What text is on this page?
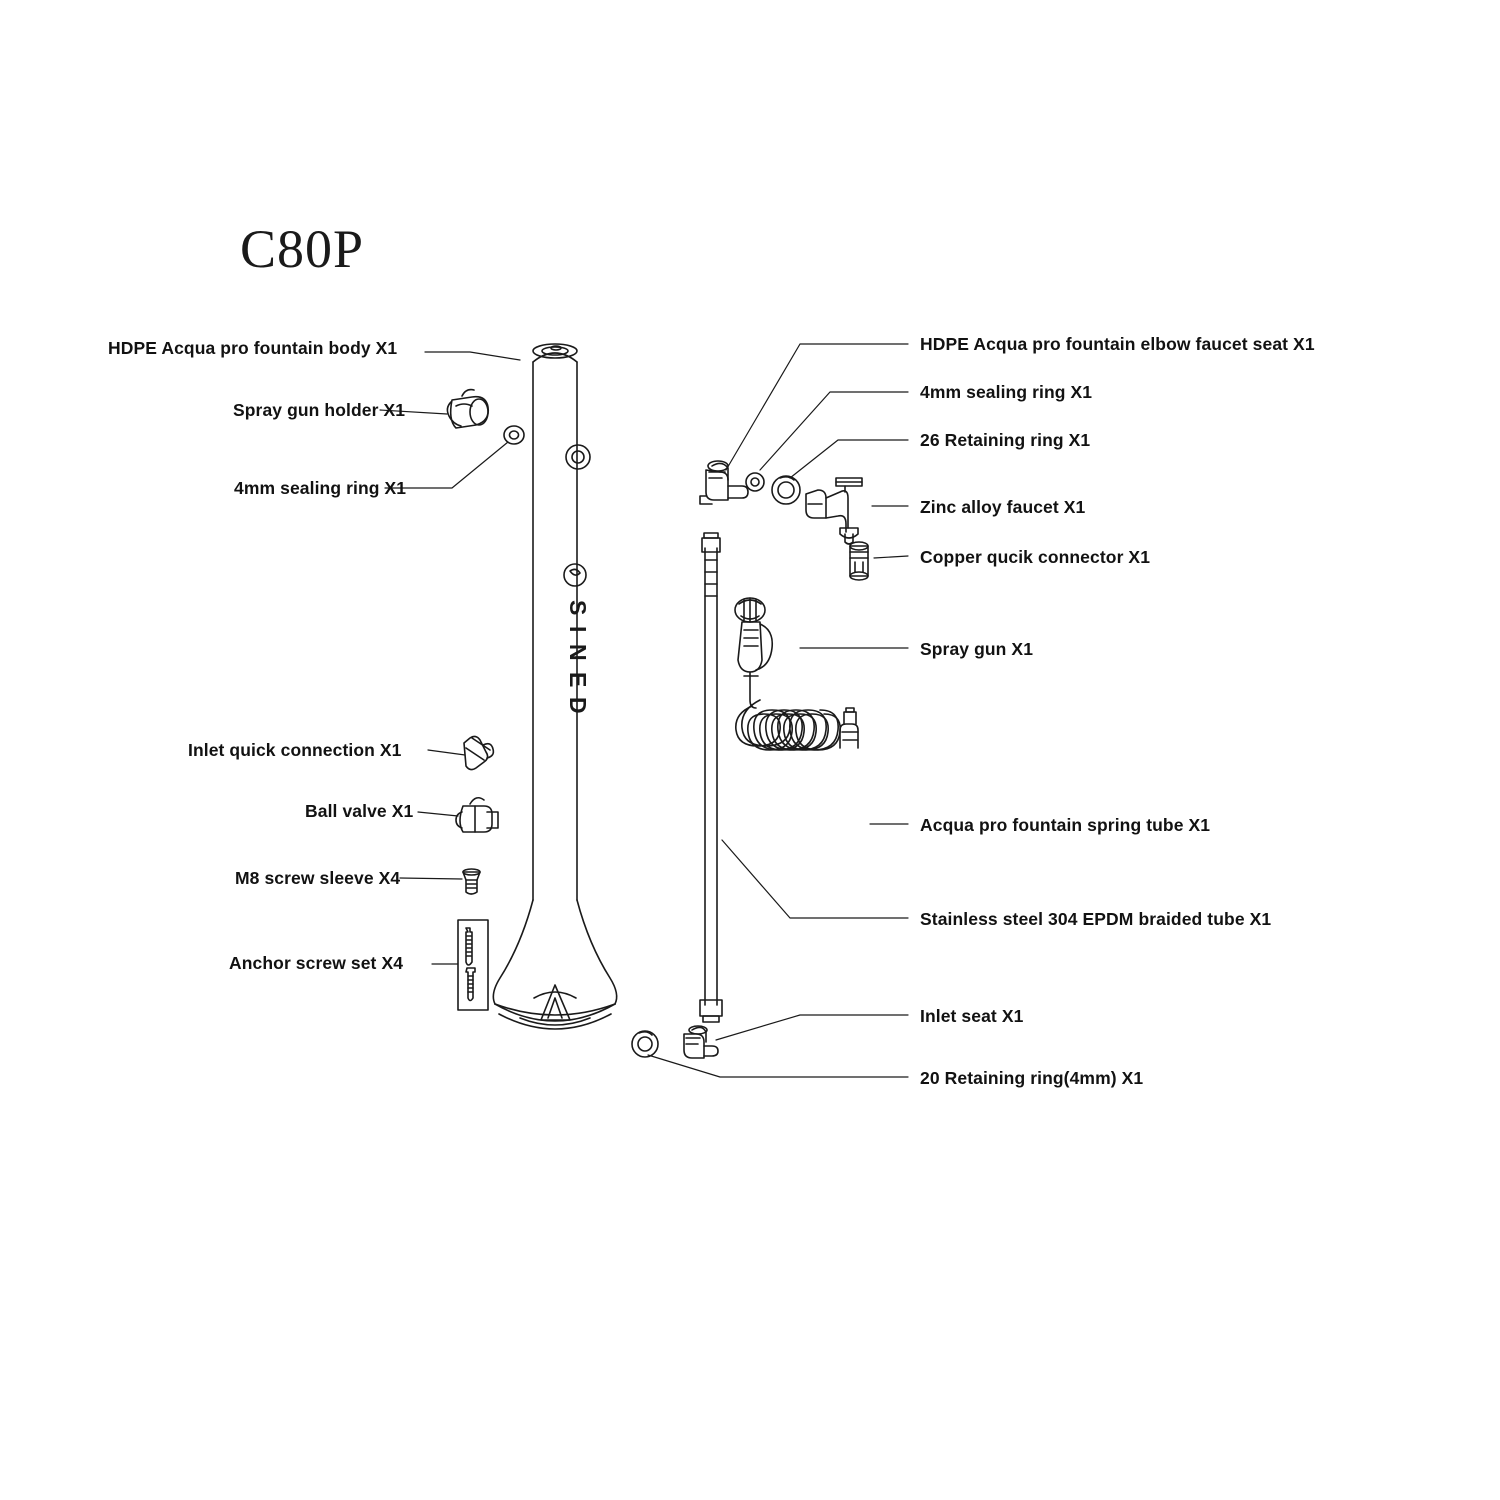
C80P
S
I
N
E
D
HDPE Acqua pro fountain body X1
Spray gun holder X1
4mm sealing ring X1
Inlet quick connection X1
Ball valve X1
M8 screw sleeve X4
Anchor screw set X4
HDPE Acqua pro fountain elbow faucet seat X1
4mm sealing ring X1
26 Retaining ring X1
Zinc alloy faucet X1
Copper qucik connector X1
Spray gun X1
Acqua pro fountain spring tube X1
Stainless steel 304 EPDM braided tube X1
Inlet seat X1
20 Retaining ring(4mm) X1
